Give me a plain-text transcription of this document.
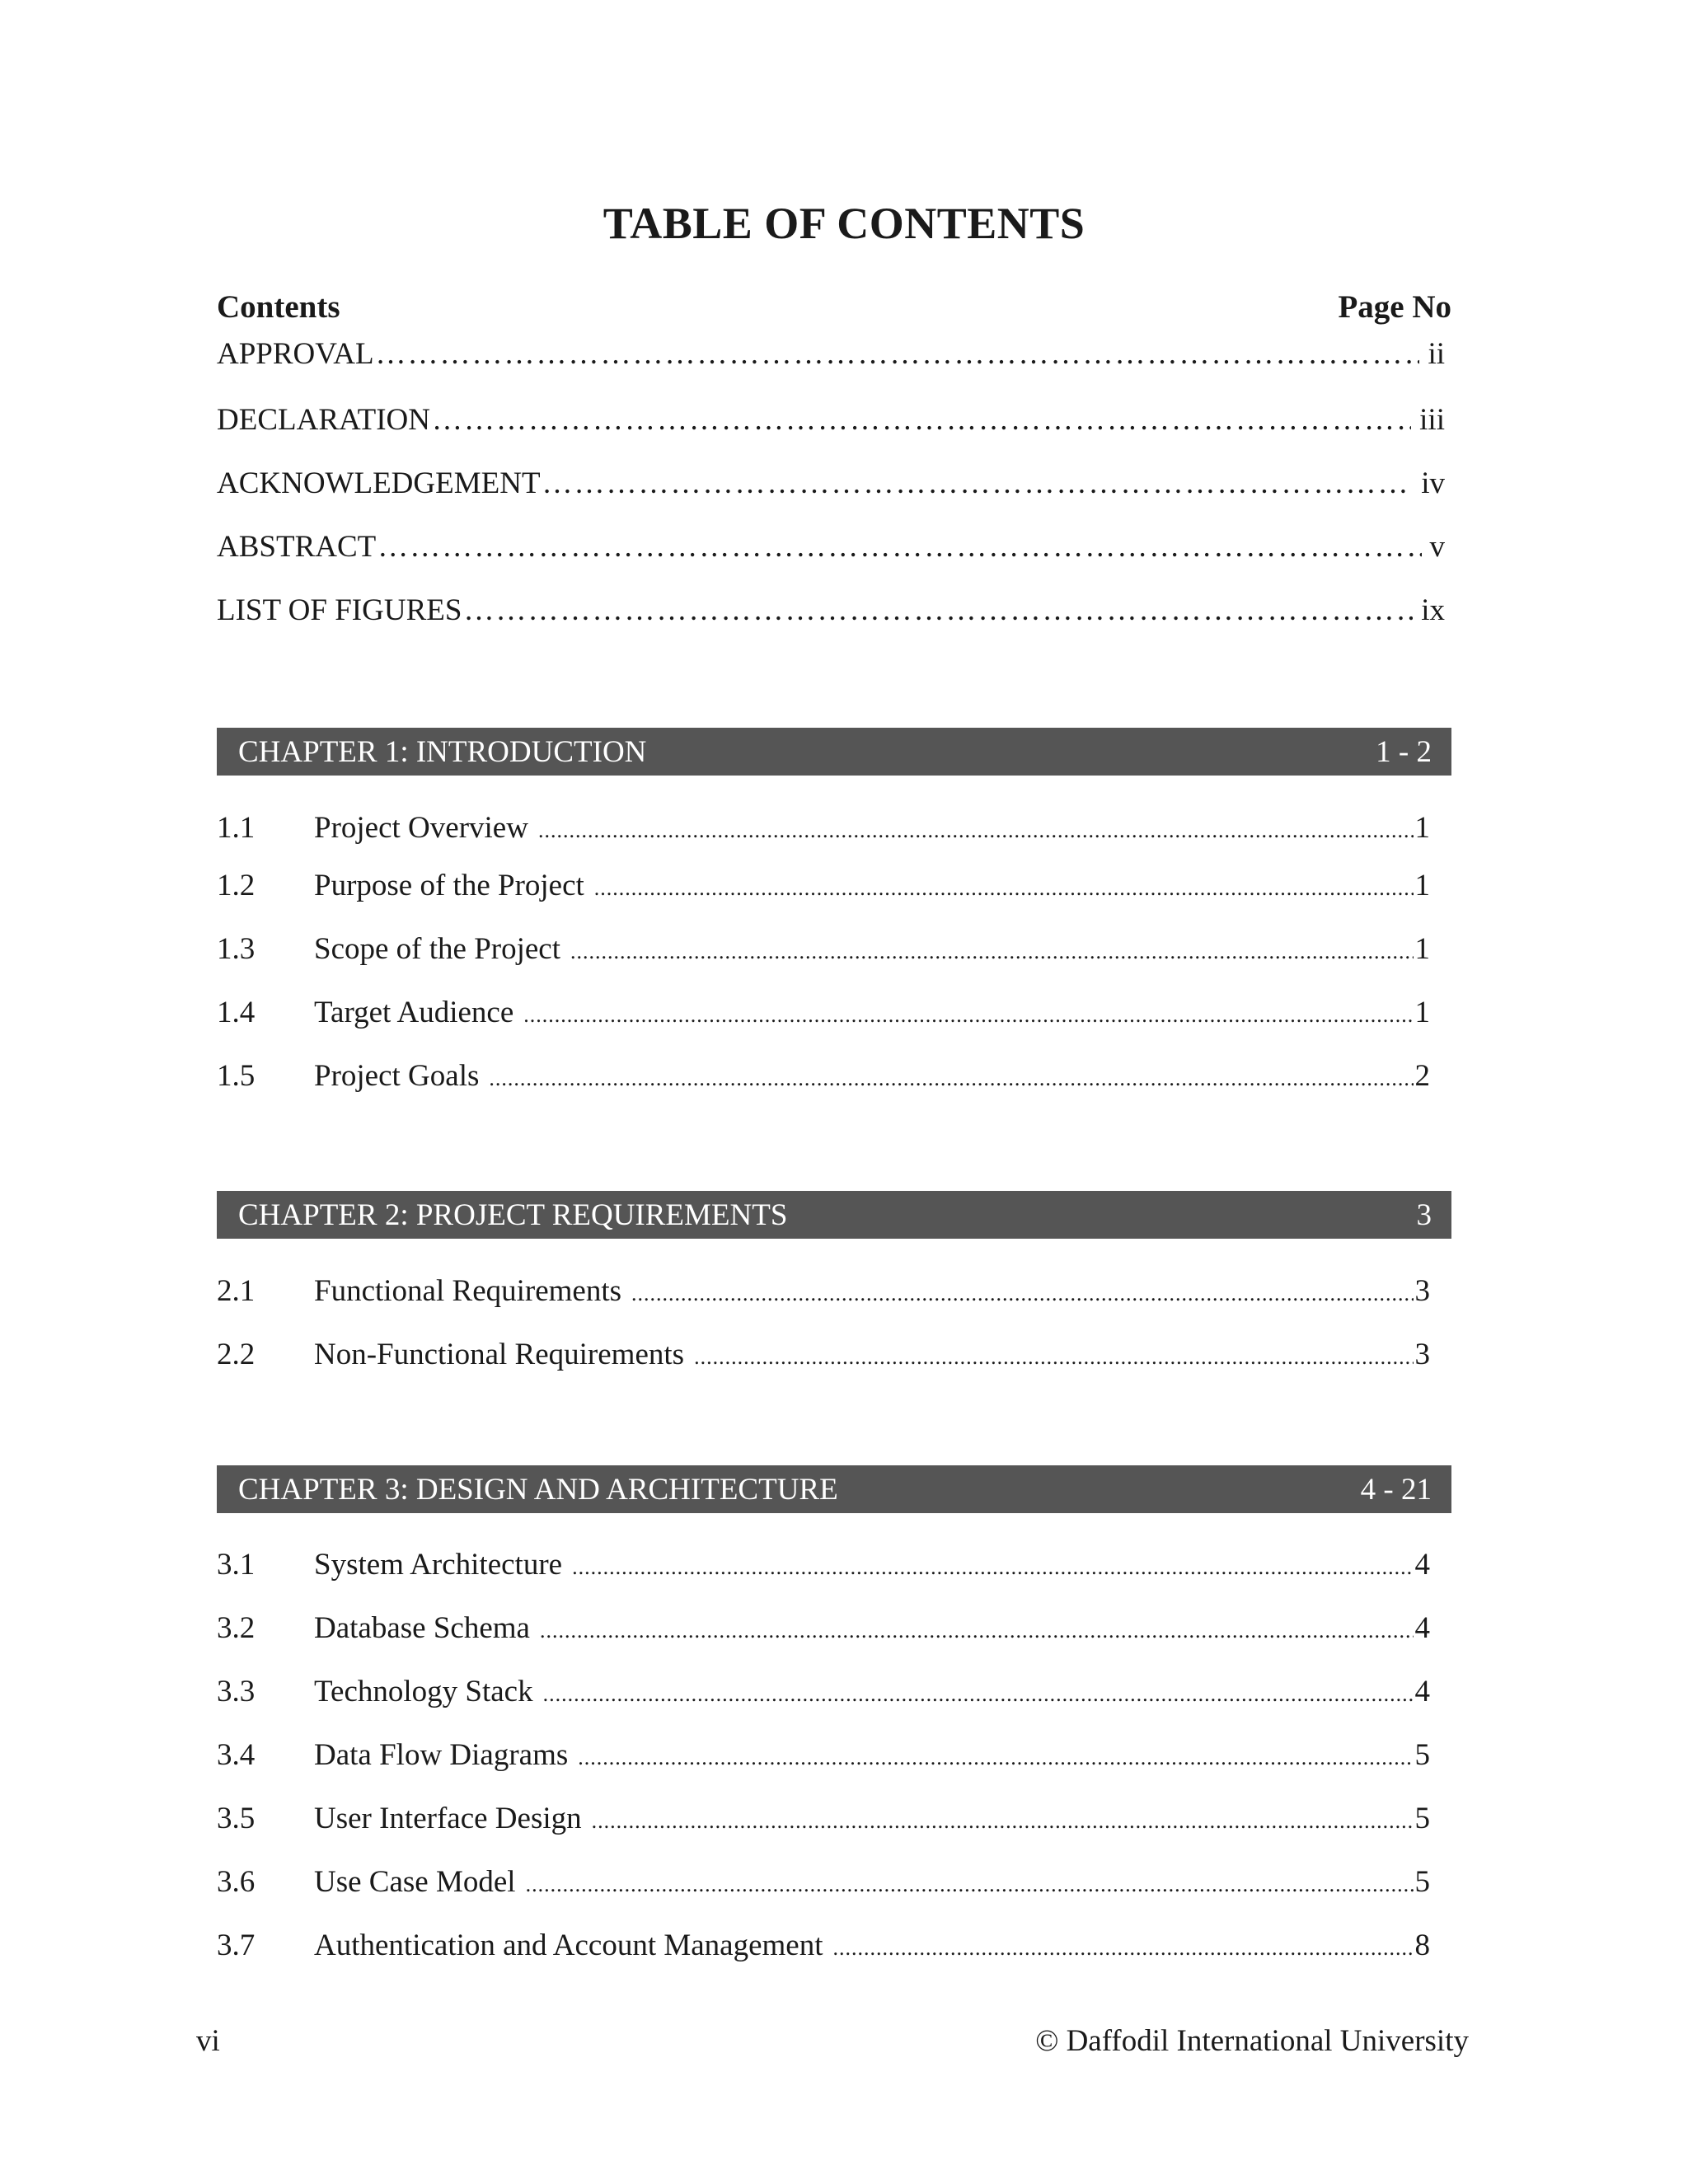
TABLE OF CONTENTS
Contents	Page No
APPROVAL ……………………………………………………………………………………………………………………………………………………………………………………………………………………	ii
DECLARATION ……………………………………………………………………………………………………………………………………………………………………………………………………………………	iii
ACKNOWLEDGEMENT ……………………………………………………………………………………………………………………………………………………………………………………………………………………	iv
ABSTRACT ……………………………………………………………………………………………………………………………………………………………………………………………………………………	v
LIST OF FIGURES ……………………………………………………………………………………………………………………………………………………………………………………………………………………	ix
CHAPTER 1: INTRODUCTION	1 - 2
1.1	Project Overview .....	1
1.2	Purpose of the Project .....	1
1.3	Scope of the Project .....	1
1.4	Target Audience .....	1
1.5	Project Goals .....	2
CHAPTER 2: PROJECT REQUIREMENTS	3
2.1	Functional Requirements .....	3
2.2	Non-Functional Requirements .....	3
CHAPTER 3: DESIGN AND ARCHITECTURE	4 - 21
3.1	System Architecture .....	4
3.2	Database Schema .....	4
3.3	Technology Stack .....	4
3.4	Data Flow Diagrams .....	5
3.5	User Interface Design .....	5
3.6	Use Case Model .....	5
3.7	Authentication and Account Management .....	8
vi	© Daffodil International University
